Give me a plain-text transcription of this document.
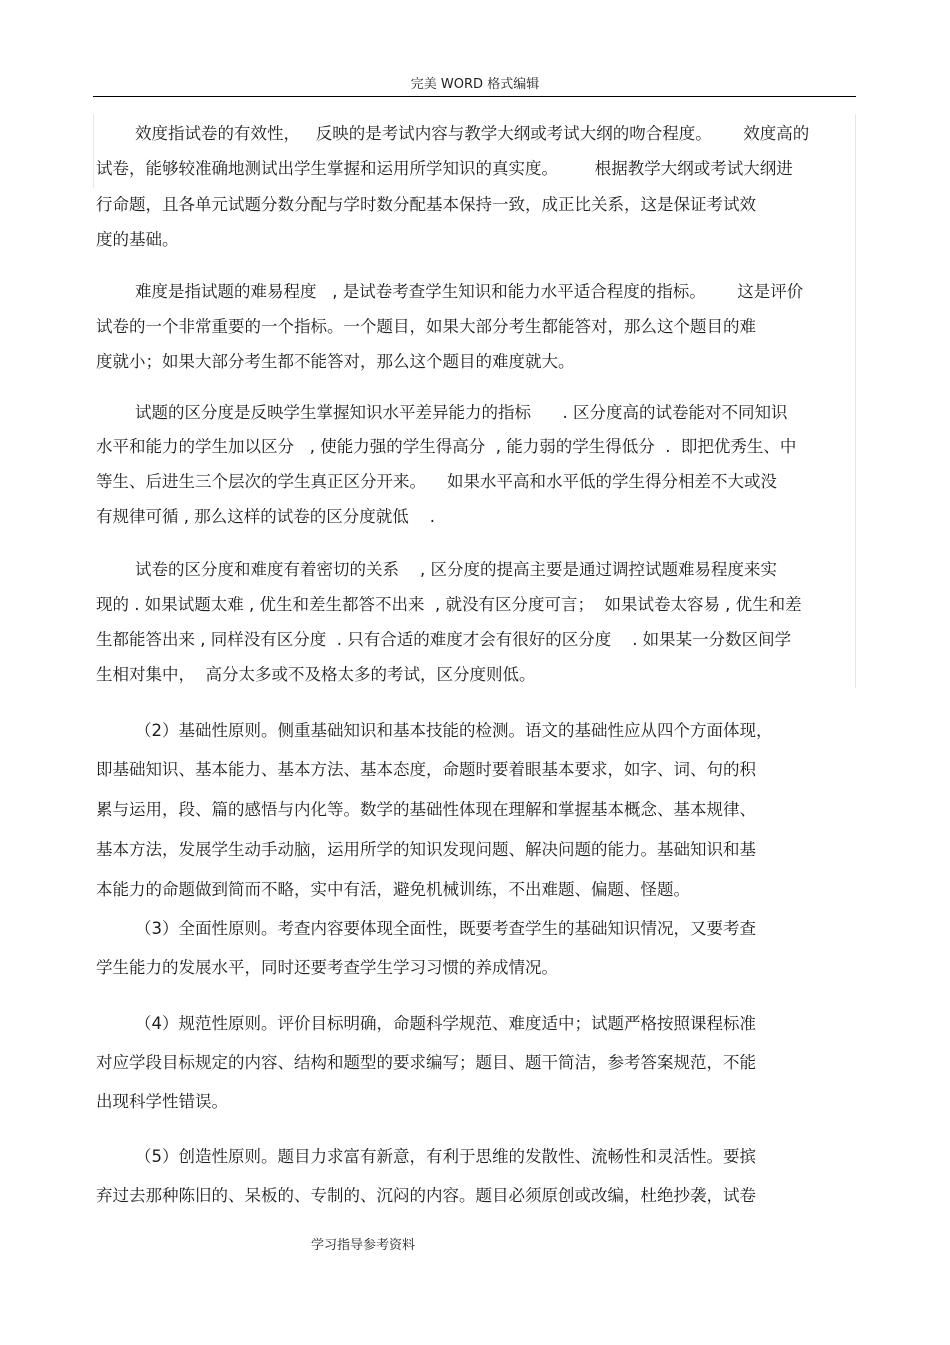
完美 WORD 格式编辑
效度指试卷的有效性，   反映的是考试内容与教学大纲或考试大纲的吻合程度。      效度高的
试卷，能够较准确地测试出学生掌握和运用所学知识的真实度。       根据教学大纲或考试大纲进
行命题，且各单元试题分数分配与学时数分配基本保持一致，成正比关系，这是保证考试效
度的基础。
难度是指试题的难易程度   , 是试卷考查学生知识和能力水平适合程度的指标。      这是评价
试卷的一个非常重要的一个指标。一个题目，如果大部分考生都能答对，那么这个题目的难
度就小；如果大部分考生都不能答对，那么这个题目的难度就大。
试题的区分度是反映学生掌握知识水平差异能力的指标      . 区分度高的试卷能对不同知识
水平和能力的学生加以区分   , 使能力强的学生得高分  , 能力弱的学生得低分  .  即把优秀生、中
等生、后进生三个层次的学生真正区分开来。    如果水平高和水平低的学生得分相差不大或没
有规律可循 , 那么这样的试卷的区分度就低    .
试卷的区分度和难度有着密切的关系    , 区分度的提高主要是通过调控试题难易程度来实
现的 . 如果试题太难 , 优生和差生都答不出来  , 就没有区分度可言；  如果试卷太容易 , 优生和差
生都能答出来 , 同样没有区分度  . 只有合适的难度才会有很好的区分度    . 如果某一分数区间学
生相对集中，  高分太多或不及格太多的考试，区分度则低。
（2）基础性原则。侧重基础知识和基本技能的检测。语文的基础性应从四个方面体现，
即基础知识、基本能力、基本方法、基本态度，命题时要着眼基本要求，如字、词、句的积
累与运用，段、篇的感悟与内化等。数学的基础性体现在理解和掌握基本概念、基本规律、
基本方法，发展学生动手动脑，运用所学的知识发现问题、解决问题的能力。基础知识和基
本能力的命题做到简而不略，实中有活，避免机械训练，不出难题、偏题、怪题。
（3）全面性原则。考查内容要体现全面性，既要考查学生的基础知识情况，又要考查
学生能力的发展水平，同时还要考查学生学习习惯的养成情况。
（4）规范性原则。评价目标明确，命题科学规范、难度适中；试题严格按照课程标准
对应学段目标规定的内容、结构和题型的要求编写；题目、题干简洁，参考答案规范，不能
出现科学性错误。
（5）创造性原则。题目力求富有新意，有利于思维的发散性、流畅性和灵活性。要摈
弃过去那种陈旧的、呆板的、专制的、沉闷的内容。题目必须原创或改编，杜绝抄袭，试卷
学习指导参考资料
